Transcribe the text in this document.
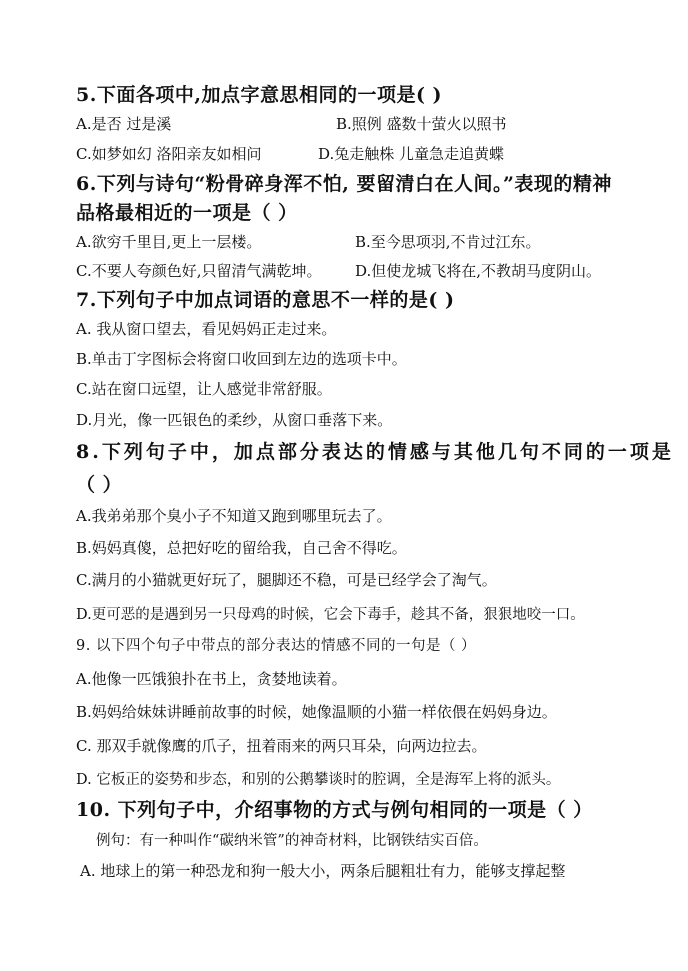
5.下面各项中,加点字意思相同的一项是( )
A.是否 过是溪	B.照例 盛数十萤火以照书
C.如梦如幻 洛阳亲友如相问	D.兔走触株 儿童急走追黄蝶
6.下列与诗句“粉骨碎身浑不怕, 要留清白在人间。”表现的精神
品格最相近的一项是（ ）
A.欲穷千里目,更上一层楼。	B.至今思项羽,不肯过江东。
C.不要人夸颜色好,只留清气满乾坤。 D.但使龙城飞将在,不教胡马度阴山。
7.下列句子中加点词语的意思不一样的是( )
A. 我从窗口望去，看见妈妈正走过来。
B.单击丁字图标会将窗口收回到左边的选项卡中。
C.站在窗口远望，让人感觉非常舒服。
D.月光，像一匹银色的柔纱，从窗口垂落下来。
8.下列句子中，加点部分表达的情感与其他几句不同的一项是
（ ）
A.我弟弟那个臭小子不知道又跑到哪里玩去了。
B.妈妈真傻，总把好吃的留给我，自己舍不得吃。
C.满月的小猫就更好玩了，腿脚还不稳，可是已经学会了淘气。
D.更可恶的是遇到另一只母鸡的时候，它会下毒手，趁其不备，狠狠地咬一口。
9. 以下四个句子中带点的部分表达的情感不同的一句是（ ）
A.他像一匹饿狼扑在书上，贪婪地读着。
B.妈妈给妹妹讲睡前故事的时候，她像温顺的小猫一样依偎在妈妈身边。
C. 那双手就像鹰的爪子，扭着雨来的两只耳朵，向两边拉去。
D. 它板正的姿势和步态，和别的公鹅攀谈时的腔调，全是海军上将的派头。
10. 下列句子中，介绍事物的方式与例句相同的一项是（ ）
例句：有一种叫作“碳纳米管”的神奇材料，比钢铁结实百倍。
A. 地球上的第一种恐龙和狗一般大小，两条后腿粗壮有力，能够支撑起整
